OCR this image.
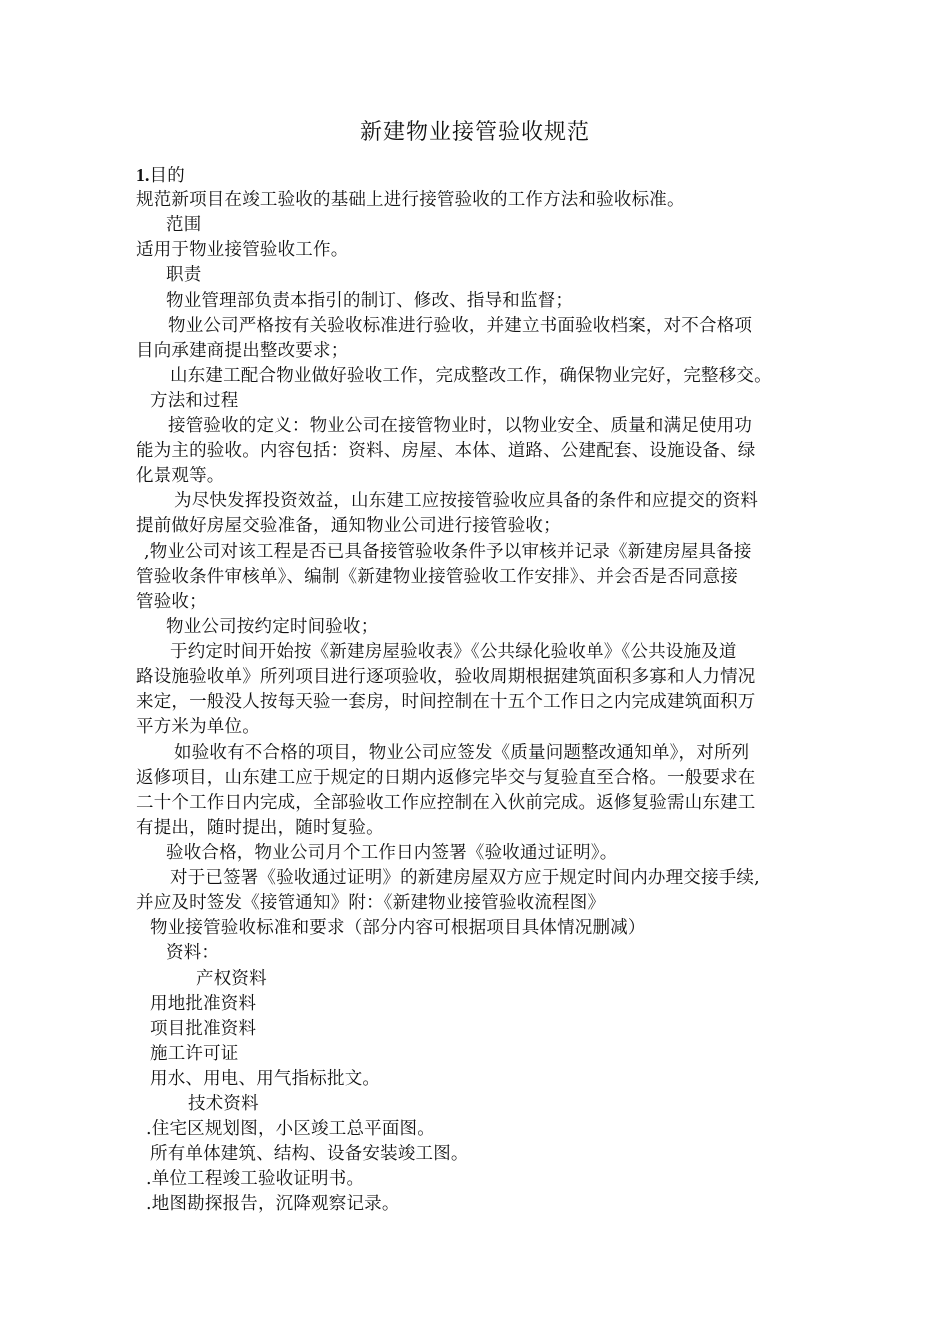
新建物业接管验收规范
1.目的
规范新项目在竣工验收的基础上进行接管验收的工作方法和验收标准。
范围
适用于物业接管验收工作。
职责
物业管理部负责本指引的制订、修改、指导和监督；
物业公司严格按有关验收标准进行验收，并建立书面验收档案，对不合格项
目向承建商提出整改要求；
山东建工配合物业做好验收工作，完成整改工作，确保物业完好，完整移交。
方法和过程
接管验收的定义：物业公司在接管物业时，以物业安全、质量和满足使用功
能为主的验收。内容包括：资料、房屋、本体、道路、公建配套、设施设备、绿
化景观等。
为尽快发挥投资效益，山东建工应按接管验收应具备的条件和应提交的资料
提前做好房屋交验准备，通知物业公司进行接管验收；
,物业公司对该工程是否已具备接管验收条件予以审核并记录《新建房屋具备接
管验收条件审核单》、编制《新建物业接管验收工作安排》、并会否是否同意接
管验收；
物业公司按约定时间验收；
于约定时间开始按《新建房屋验收表》《公共绿化验收单》《公共设施及道
路设施验收单》所列项目进行逐项验收，验收周期根据建筑面积多寡和人力情况
来定，一般没人按每天验一套房，时间控制在十五个工作日之内完成建筑面积万
平方米为单位。
如验收有不合格的项目，物业公司应签发《质量问题整改通知单》，对所列
返修项目，山东建工应于规定的日期内返修完毕交与复验直至合格。一般要求在
二十个工作日内完成，全部验收工作应控制在入伙前完成。返修复验需山东建工
有提出，随时提出，随时复验。
验收合格，物业公司月个工作日内签署《验收通过证明》。
对于已签署《验收通过证明》的新建房屋双方应于规定时间内办理交接手续,
并应及时签发《接管通知》附：《新建物业接管验收流程图》
物业接管验收标准和要求（部分内容可根据项目具体情况删减）
资料：
产权资料
用地批准资料
项目批准资料
施工许可证
用水、用电、用气指标批文。
技术资料
.住宅区规划图，小区竣工总平面图。
所有单体建筑、结构、设备安装竣工图。
.单位工程竣工验收证明书。
.地图勘探报告，沉降观察记录。
